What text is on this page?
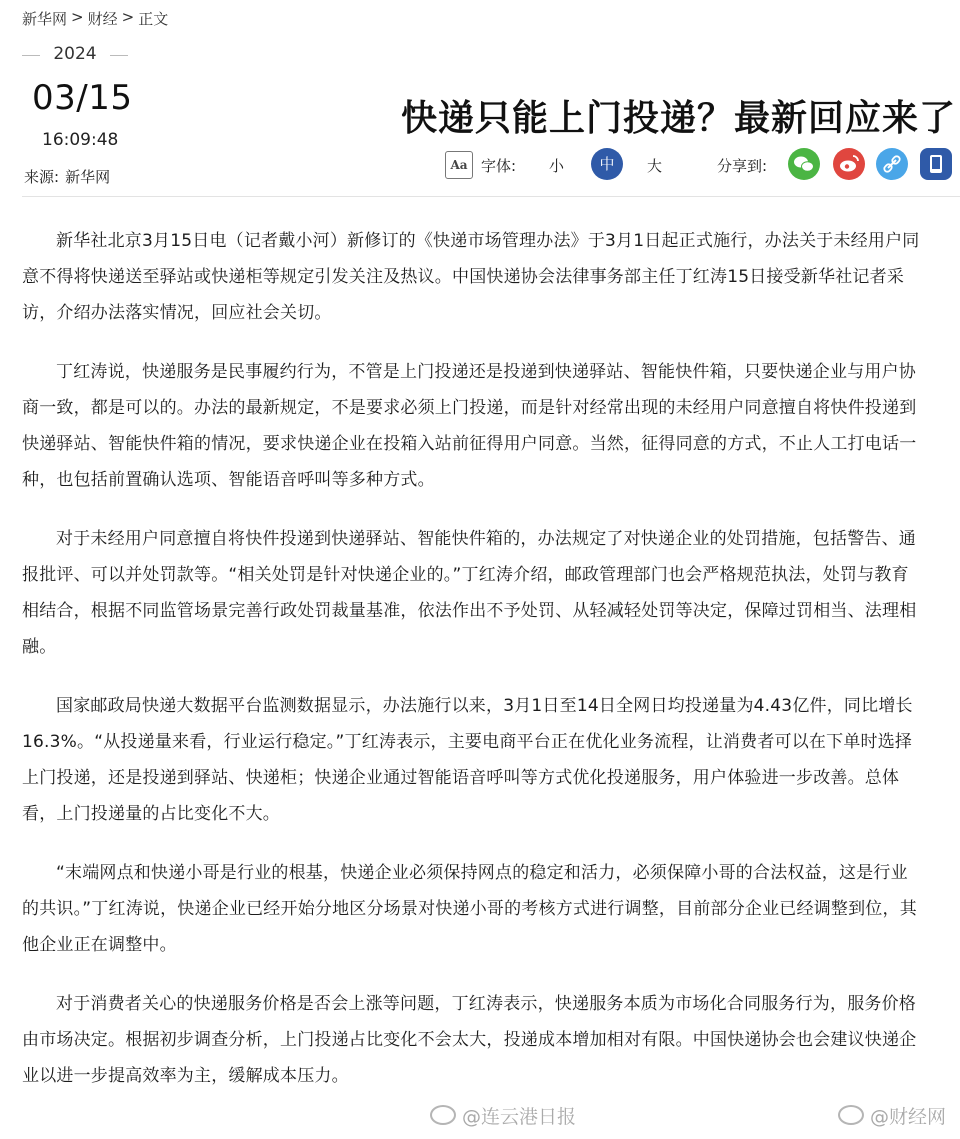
新华网 > 财经 > 正文
2024
03/15
16:09:48
来源: 新华网
快递只能上门投递？最新回应来了
Aa 字体: 小	中	大	分享到:

新华社北京3月15日电（记者戴小河）新修订的《快递市场管理办法》于3月1日起正式施行，办法关于未经用户同意不得将快递送至驿站或快递柜等规定引发关注及热议。中国快递协会法律事务部主任丁红涛15日接受新华社记者采访，介绍办法落实情况，回应社会关切。

丁红涛说，快递服务是民事履约行为，不管是上门投递还是投递到快递驿站、智能快件箱，只要快递企业与用户协商一致，都是可以的。办法的最新规定，不是要求必须上门投递，而是针对经常出现的未经用户同意擅自将快件投递到快递驿站、智能快件箱的情况，要求快递企业在投箱入站前征得用户同意。当然，征得同意的方式，不止人工打电话一种，也包括前置确认选项、智能语音呼叫等多种方式。

对于未经用户同意擅自将快件投递到快递驿站、智能快件箱的，办法规定了对快递企业的处罚措施，包括警告、通报批评、可以并处罚款等。“相关处罚是针对快递企业的。”丁红涛介绍，邮政管理部门也会严格规范执法，处罚与教育相结合，根据不同监管场景完善行政处罚裁量基准，依法作出不予处罚、从轻减轻处罚等决定，保障过罚相当、法理相融。

国家邮政局快递大数据平台监测数据显示，办法施行以来，3月1日至14日全网日均投递量为4.43亿件，同比增长16.3%。“从投递量来看，行业运行稳定。”丁红涛表示，主要电商平台正在优化业务流程，让消费者可以在下单时选择上门投递，还是投递到驿站、快递柜；快递企业通过智能语音呼叫等方式优化投递服务，用户体验进一步改善。总体看，上门投递量的占比变化不大。

“末端网点和快递小哥是行业的根基，快递企业必须保持网点的稳定和活力，必须保障小哥的合法权益，这是行业的共识。”丁红涛说，快递企业已经开始分地区分场景对快递小哥的考核方式进行调整，目前部分企业已经调整到位，其他企业正在调整中。

对于消费者关心的快递服务价格是否会上涨等问题，丁红涛表示，快递服务本质为市场化合同服务行为，服务价格由市场决定。根据初步调查分析，上门投递占比变化不会太大，投递成本增加相对有限。中国快递协会也会建议快递企业以进一步提高效率为主，缓解成本压力。

@连云港日报	@财经网
